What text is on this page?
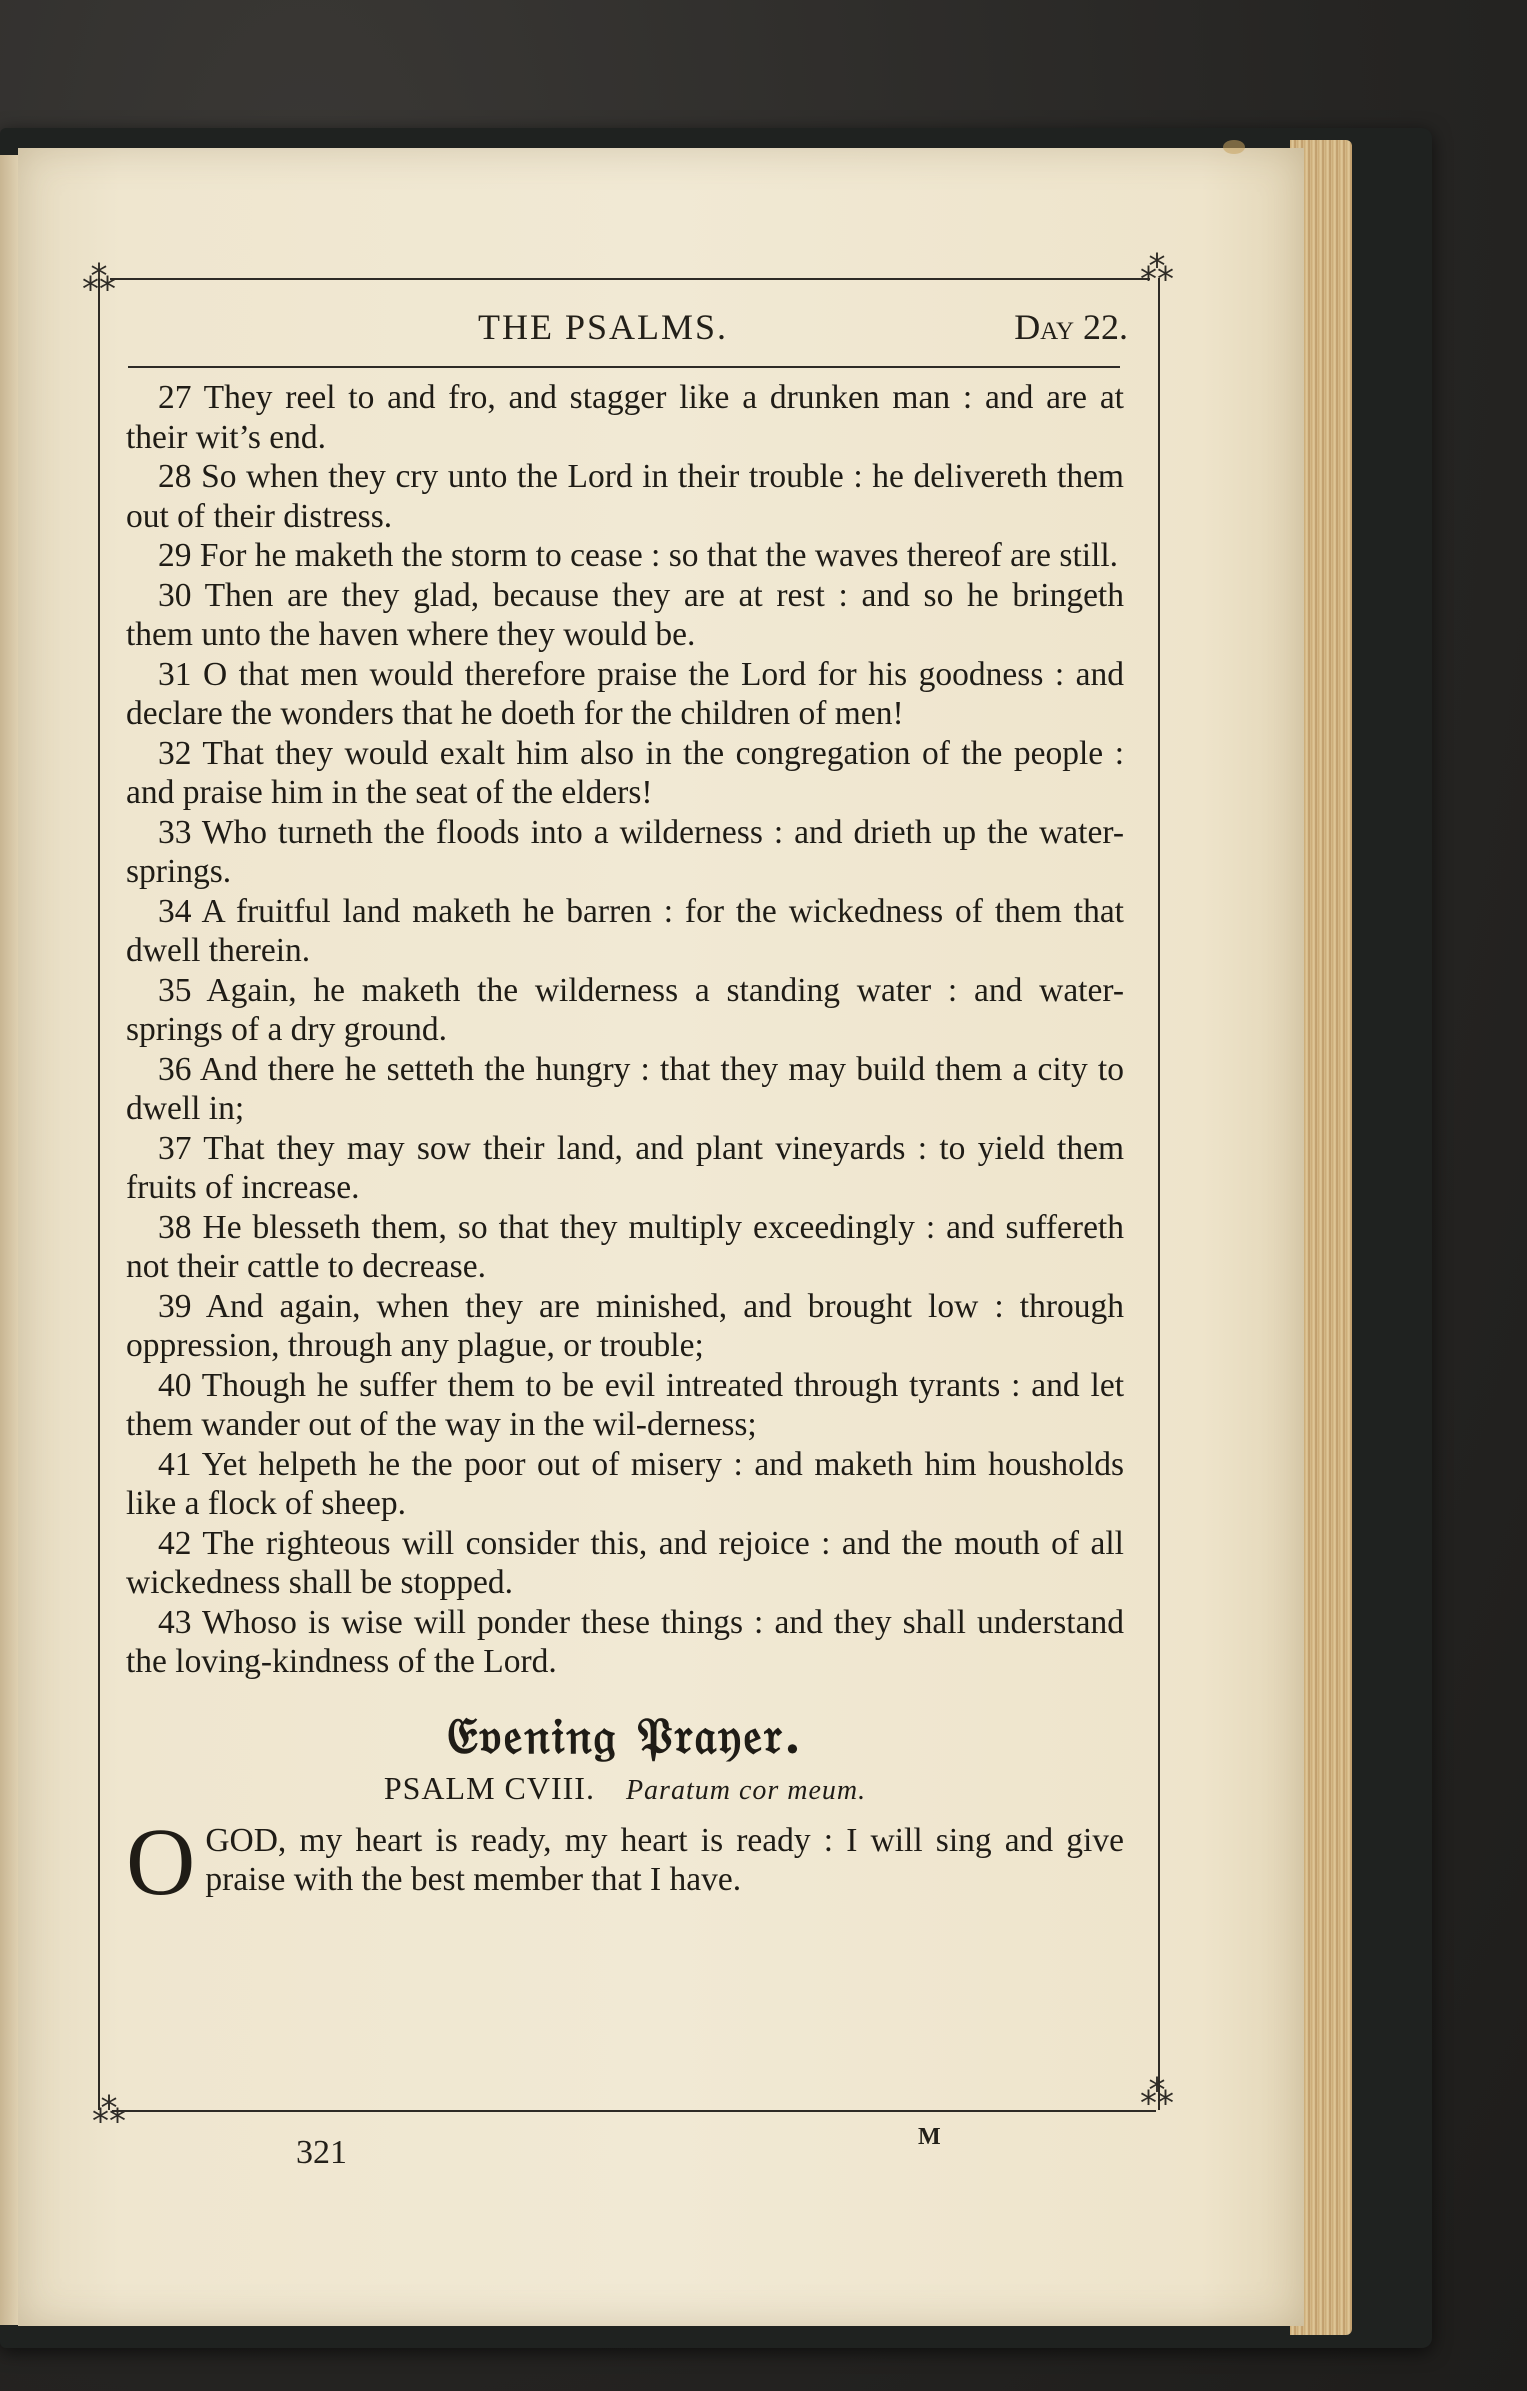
⁂	⁂
⁂	⁂
THE PSALMS.	Day 22.

27 They reel to and fro, and stagger like a drunken man : and are at their wit’s end.

28 So when they cry unto the Lord in their trouble : he delivereth them out of their distress.

29 For he maketh the storm to cease : so that the waves thereof are still.

30 Then are they glad, because they are at rest : and so he bringeth them unto the haven where they would be.

31 O that men would therefore praise the Lord for his goodness : and declare the wonders that he doeth for the children of men!

32 That they would exalt him also in the congregation of the people : and praise him in the seat of the elders!

33 Who turneth the floods into a wilderness : and drieth up the water-springs.

34 A fruitful land maketh he barren : for the wickedness of them that dwell therein.

35 Again, he maketh the wilderness a standing water : and water-springs of a dry ground.

36 And there he setteth the hungry : that they may build them a city to dwell in;

37 That they may sow their land, and plant vineyards : to yield them fruits of increase.

38 He blesseth them, so that they multiply exceedingly : and suffereth not their cattle to decrease.

39 And again, when they are minished, and brought low : through oppression, through any plague, or trouble;

40 Though he suffer them to be evil intreated through tyrants : and let them wander out of the way in the wil-derness;

41 Yet helpeth he the poor out of misery : and maketh him housholds like a flock of sheep.

42 The righteous will consider this, and rejoice : and the mouth of all wickedness shall be stopped.

43 Whoso is wise will ponder these things : and they shall understand the loving-kindness of the Lord.

𝔈𝔳𝔢𝔫𝔦𝔫𝔤 𝔓𝔯𝔞𝔶𝔢𝔯.
PSALM CVIII. Paratum cor meum.

OGOD, my heart is ready, my heart is ready : I will sing and give praise with the best member that I have.

321	M
